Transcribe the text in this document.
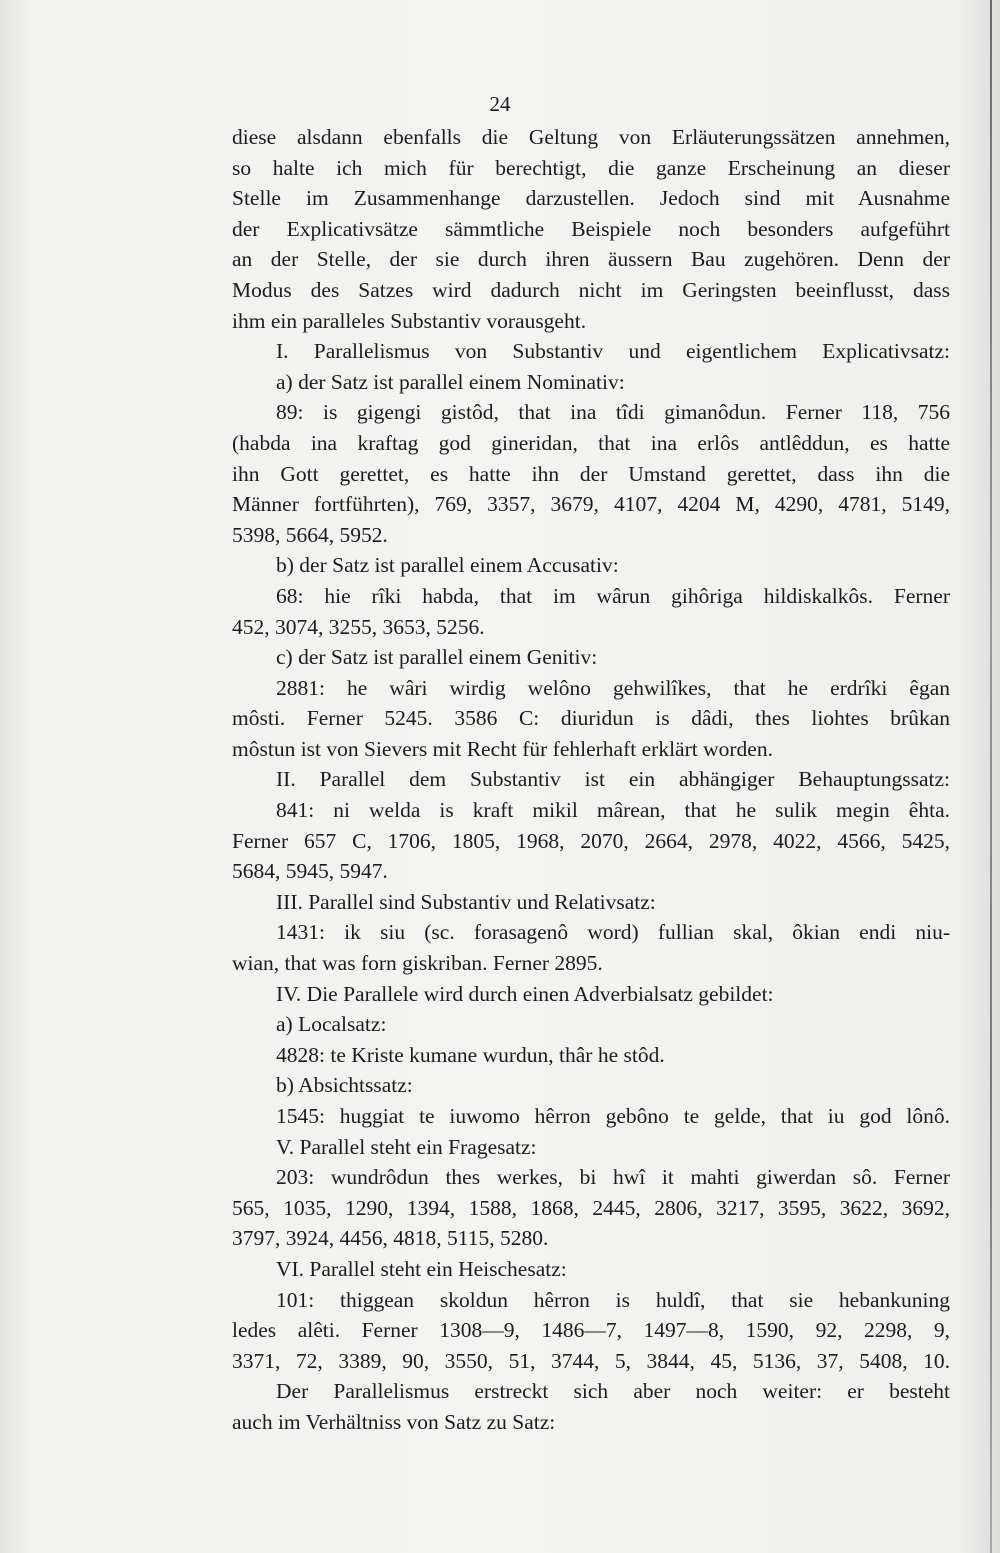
24
diese alsdann ebenfalls die Geltung von Erläuterungssätzen annehmen,
so halte ich mich für berechtigt, die ganze Erscheinung an dieser
Stelle im Zusammenhange darzustellen. Jedoch sind mit Ausnahme
der Explicativsätze sämmtliche Beispiele noch besonders aufgeführt
an der Stelle, der sie durch ihren äussern Bau zugehören. Denn der
Modus des Satzes wird dadurch nicht im Geringsten beeinflusst, dass
ihm ein paralleles Substantiv vorausgeht.
I. Parallelismus von Substantiv und eigentlichem Explicativsatz:
a) der Satz ist parallel einem Nominativ:
89: is gigengi gistôd, that ina tîdi gimanôdun. Ferner 118, 756
(habda ina kraftag god gineridan, that ina erlôs antlêddun, es hatte
ihn Gott gerettet, es hatte ihn der Umstand gerettet, dass ihn die
Männer fortführten), 769, 3357, 3679, 4107, 4204 M, 4290, 4781, 5149,
5398, 5664, 5952.
b) der Satz ist parallel einem Accusativ:
68: hie rîki habda, that im wârun gihôriga hildiskalkôs. Ferner
452, 3074, 3255, 3653, 5256.
c) der Satz ist parallel einem Genitiv:
2881: he wâri wirdig welôno gehwilîkes, that he erdrîki êgan
môsti. Ferner 5245. 3586 C: diuridun is dâdi, thes liohtes brûkan
môstun ist von Sievers mit Recht für fehlerhaft erklärt worden.
II. Parallel dem Substantiv ist ein abhängiger Behauptungssatz:
841: ni welda is kraft mikil mârean, that he sulik megin êhta.
Ferner 657 C, 1706, 1805, 1968, 2070, 2664, 2978, 4022, 4566, 5425,
5684, 5945, 5947.
III. Parallel sind Substantiv und Relativsatz:
1431: ik siu (sc. forasagenô word) fullian skal, ôkian endi niu-
wian, that was forn giskriban. Ferner 2895.
IV. Die Parallele wird durch einen Adverbialsatz gebildet:
a) Localsatz:
4828: te Kriste kumane wurdun, thâr he stôd.
b) Absichtssatz:
1545: huggiat te iuwomo hêrron gebôno te gelde, that iu god lônô.
V. Parallel steht ein Fragesatz:
203: wundrôdun thes werkes, bi hwî it mahti giwerdan sô. Ferner
565, 1035, 1290, 1394, 1588, 1868, 2445, 2806, 3217, 3595, 3622, 3692,
3797, 3924, 4456, 4818, 5115, 5280.
VI. Parallel steht ein Heischesatz:
101: thiggean skoldun hêrron is huldî, that sie hebankuning
ledes alêti. Ferner 1308—9, 1486—7, 1497—8, 1590, 92, 2298, 9,
3371, 72, 3389, 90, 3550, 51, 3744, 5, 3844, 45, 5136, 37, 5408, 10.
Der Parallelismus erstreckt sich aber noch weiter: er besteht
auch im Verhältniss von Satz zu Satz:
